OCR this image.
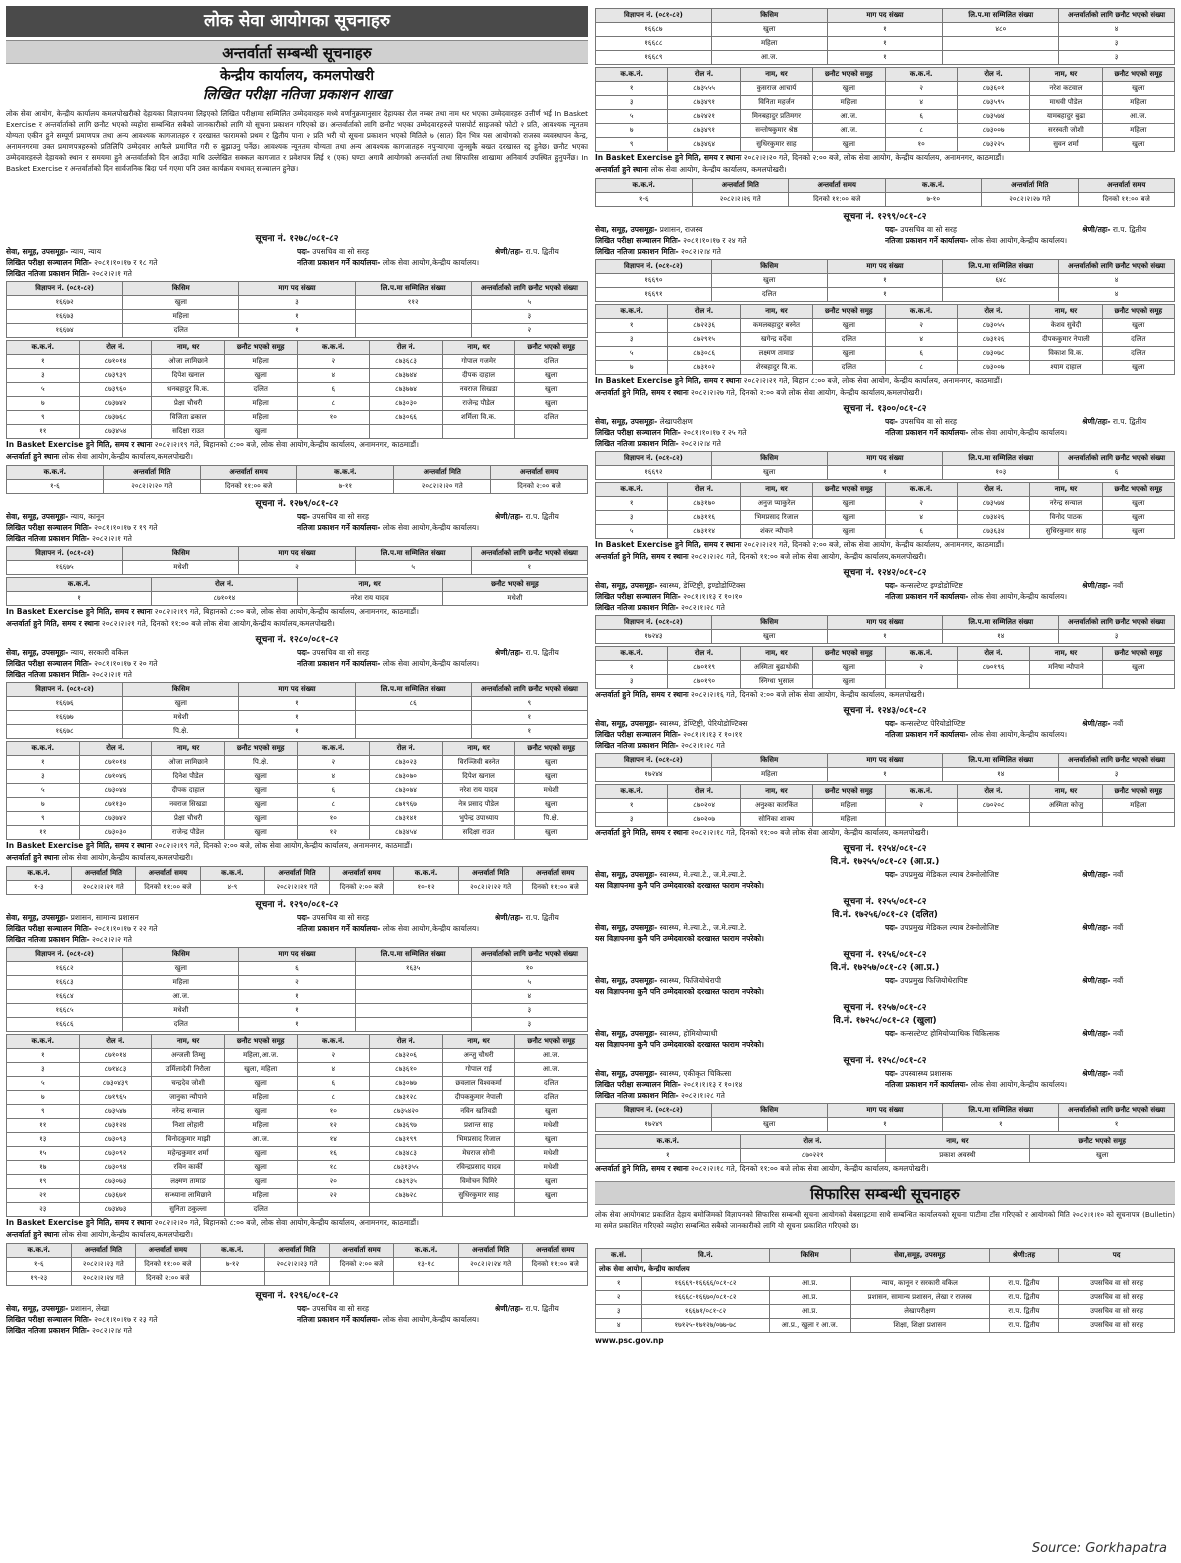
लोक सेवा आयोगका सूचनाहरु
अन्तर्वार्ता सम्बन्धी सूचनाहरु
केन्द्रीय कार्यालय, कमलपोखरी
लिखित परीक्षा नतिजा प्रकाशन शाखा
लोक सेवा आयोग, केन्द्रीय कार्यालय कमलपोखरीको देहायका विज्ञापनमा लिइएको लिखित परीक्षामा सम्मिलित उम्मेदवारहरु मध्ये वर्णानुक्रमानुसार देहायका रोल नम्बर तथा नाम थर भएका उम्मेदवारहरु उत्तीर्ण भई In Basket Exercise र अन्तर्वार्ताको लागि छनौट भएको व्यहोरा सम्बन्धित सबैको जानकारीको लागि यो सूचना प्रकाशन गरिएको छ। अन्तर्वार्ताको लागि छनौट भएका उम्मेदवारहरुले पासपोर्ट साइजको फोटो २ प्रति, आवश्यक न्यूनतम योग्यता एकीन हुने सम्पूर्ण प्रमाणपत्र तथा अन्य आवश्यक कागजातहरु र दरखास्त फारामको प्रथम र द्वितीय पाना २ प्रति भरी यो सूचना प्रकाशन भएको मितिले ७ (सात) दिन भित्र यस आयोगको राजस्व व्यवस्थापन केन्द्र, अनामनगरमा उक्त प्रमाणपत्रहरुको प्रतिलिपि उम्मेदवार आफैले प्रमाणित गरी रु बुझाउनु पर्नेछ। आवश्यक न्यूनतम योग्यता तथा अन्य आवश्यक कागजातहरु नपुऱ्याएमा जुनसुकै बखत दरखास्त रद्द हुनेछ। छनौट भएका उम्मेदवारहरुले देहायको स्थान र समयमा हुने अन्तर्वार्ताको दिन आउँदा माथि उल्लेखित सक्कल कागजात र प्रवेशपत्र लिई १ (एक) घण्टा अगावै आयोगको अन्तर्वार्ता तथा सिफारिस शाखामा अनिवार्य उपस्थित हुनुपर्नेछ। In Basket Exercise र अन्तर्वार्ताको दिन सार्वजनिक बिदा पर्न गएमा पनि उक्त कार्यक्रम यथावत् सञ्चालन हुनेछ।
सूचना नं. १२७८/०८१-८२
सेवा, समूह, उपसमूहः- न्याय, न्याय	पदः- उपसचिव वा सो सरह	श्रेणी/तहः- रा.प. द्वितीय
लिखित परीक्षा सञ्चालन मितिः- २०८१।१०।१७ र १८ गते	नतिजा प्रकाशन गर्ने कार्यालयः- लोक सेवा आयोग,केन्द्रीय कार्यालय।
लिखित नतिजा प्रकाशन मितिः- २०८२।२।१ गते
विज्ञापन नं. (०८१-८२)	किसिम	माग पद संख्या	लि.प.मा सम्मिलित संख्या	अन्तर्वार्ताको लागि छनौट भएको संख्या
१६६७२	खुला	३	११२	५
१६६७३	महिला	१		३
१६६७४	दलित	१		२
क.क.नं.	रोल नं.	नाम, थर	छनौट भएको समूह	क.क.नं.	रोल नं.	नाम, थर	छनौट भएको समूह
१	८७१०१४	ओजा लामिछाने	महिला	२	८७३६८३	गोपाल गजमेर	दलित
३	८७३९३९	दिपेश खनाल	खुला	४	८७३७४४	दीपक दाहाल	खुला
५	८७३९६०	धनबहादुर वि.क.	दलित	६	८७३७७४	नवराज सिखडा	खुला
७	८७३७४२	प्रेक्षा चौधरी	महिला	८	८७३०३०	राजेन्द्र पौडेल	खुला
९	८७३७६८	विजिता ढकाल	महिला	१०	८७३०६६	शर्मिला वि.क.	दलित
११	८७३४५४	सदिक्षा राउत	खुला				
In Basket Exercise हुने मिति, समय र स्थानः २०८२।२।१९ गते, बिहानको ८:०० बजे, लोक सेवा आयोग,केन्द्रीय कार्यालय, अनामनगर, काठमाडौं।
अन्तर्वार्ता हुने स्थानः लोक सेवा आयोग,केन्द्रीय कार्यालय,कमलपोखरी।
क.क.नं.	अन्तर्वार्ता मिति	अन्तर्वार्ता समय	क.क.नं.	अन्तर्वार्ता मिति	अन्तर्वार्ता समय
१-६	२०८२।२।२० गते	दिनको ११:०० बजे	७-११	२०८२।२।२० गते	दिनको २:०० बजे
सूचना नं. १२७९/०८१-८२
सेवा, समूह, उपसमूहः- न्याय, कानून	पदः- उपसचिव वा सो सरह	श्रेणी/तहः- रा.प. द्वितीय
लिखित परीक्षा सञ्चालन मितिः- २०८१।१०।१७ र १९ गते	नतिजा प्रकाशन गर्ने कार्यालयः- लोक सेवा आयोग,केन्द्रीय कार्यालय।
लिखित नतिजा प्रकाशन मितिः- २०८२।२।१ गते
विज्ञापन नं. (०८१-८२)	किसिम	माग पद संख्या	लि.प.मा सम्मिलित संख्या	अन्तर्वार्ताको लागि छनौट भएको संख्या
१६६७५	मधेशी	२	५	१
क.क.नं.	रोल नं.	नाम, थर	छनौट भएको समूह
१	८७१०१४	नरेश राय यादव	मधेशी
In Basket Exercise हुने मिति, समय र स्थानः २०८२।२।१९ गते, बिहानको ८:०० बजे, लोक सेवा आयोग,केन्द्रीय कार्यालय, अनामनगर, काठमाडौं।
अन्तर्वार्ता हुने मिति, समय र स्थानः २०८२।२।२१ गते, दिनको ११:०० बजे लोक सेवा आयोग,केन्द्रीय कार्यालय,कमलपोखरी।
सूचना नं. १२८०/०८१-८२
सेवा, समूह, उपसमूहः- न्याय, सरकारी वकिल	पदः- उपसचिव वा सो सरह	श्रेणी/तहः- रा.प. द्वितीय
लिखित परीक्षा सञ्चालन मितिः- २०८१।१०।१७ र २० गते	नतिजा प्रकाशन गर्ने कार्यालयः- लोक सेवा आयोग,केन्द्रीय कार्यालय।
लिखित नतिजा प्रकाशन मितिः- २०८२।२।१ गते
विज्ञापन नं. (०८१-८२)	किसिम	माग पद संख्या	लि.प.मा सम्मिलित संख्या	अन्तर्वार्ताको लागि छनौट भएको संख्या
१६६७६	खुला	१	८६	९
१६६७७	मधेशी	१		१
१६६७८	पि.क्षे.	१		१
क.क.नं.	रोल नं.	नाम, थर	छनौट भएको समूह	क.क.नं.	रोल नं.	नाम, थर	छनौट भएको समूह
१	८७१०१४	ओजा लामिछाने	पि.क्षे.	२	८७३०२३	विरञ्जिवी बस्नेत	खुला
३	८७१०४६	दिनेश पौडेल	खुला	४	८७३०७०	दिपेश खनाल	खुला
५	८७३०४४	दीपक दाहाल	खुला	६	८७३०७४	नरेश राय यादव	मधेशी
७	८७११३०	नवराज सिखडा	खुला	८	८७१९६७	नेत्र प्रसाद पौडेल	खुला
९	८७३७४२	प्रेक्षा चौधरी	खुला	१०	८७३१४१	भुपेन्द्र उपाध्याय	पि.क्षे.
११	८७३०३०	राजेन्द्र पौडेल	खुला	१२	८७३४५४	सदिक्षा राउत	खुला
In Basket Exercise हुने मिति, समय र स्थानः २०८२।२।१९ गते, दिनको २:०० बजे, लोक सेवा आयोग,केन्द्रीय कार्यालय, अनामनगर, काठमाडौं।
अन्तर्वार्ता हुने स्थानः लोक सेवा आयोग,केन्द्रीय कार्यालय,कमलपोखरी।
क.क.नं.	अन्तर्वार्ता मिति	अन्तर्वार्ता समय	क.क.नं.	अन्तर्वार्ता मिति	अन्तर्वार्ता समय	क.क.नं.	अन्तर्वार्ता मिति	अन्तर्वार्ता समय
१-३	२०८२।२।२१ गते	दिनको ११:०० बजे	४-९	२०८२।२।२१ गते	दिनको २:०० बजे	१०-१२	२०८२।२।२२ गते	दिनको ११:०० बजे
सूचना नं. १२९०/०८१-८२
सेवा, समूह, उपसमूहः- प्रशासन, सामान्य प्रशासन	पदः- उपसचिव वा सो सरह	श्रेणी/तहः- रा.प. द्वितीय
लिखित परीक्षा सञ्चालन मितिः- २०८१।१०।१७ र २२ गते	नतिजा प्रकाशन गर्ने कार्यालयः- लोक सेवा आयोग,केन्द्रीय कार्यालय।
लिखित नतिजा प्रकाशन मितिः- २०८२।२।२ गते
विज्ञापन नं. (०८१-८२)	किसिम	माग पद संख्या	लि.प.मा सम्मिलित संख्या	अन्तर्वार्ताको लागि छनौट भएको संख्या
१६६८२	खुला	६	१६३५	१०
१६६८३	महिला	२		५
१६६८४	आ.ज.	१		४
१६६८५	मधेशी	१		३
१६६८६	दलित	१		३
क.क.नं.	रोल नं.	नाम, थर	छनौट भएको समूह	क.क.नं.	रोल नं.	नाम, थर	छनौट भएको समूह
१	८७१०१४	अन्जली तिम्सु	महिला,आ.ज.	२	८७३२०६	अन्जु चौधरी	आ.ज.
३	८७१४८३	उर्मिलादेवी निरौला	खुला, महिला	४	८७३६१०	गोपाल राई	आ.ज.
५	८७३०४३९	चन्द्रदेव जोशी	खुला	६	८७३०७७	छवलाल विश्वकर्मा	दलित
७	८७१९६५	जानुका न्यौपाने	महिला	८	८७३१२८	दीपककुमार नेपाली	दलित
९	८७३५४७	नरेन्द्र सन्याल	खुला	१०	८७३५४२०	नविन खतिवडी	खुला
११	८७३१२४	निशा लोहारी	महिला	१२	८७३६९७	प्रशान्त साह	मधेशी
१३	८७३०९३	विनोदकुमार माझी	आ.ज.	१४	८७३१९९	भिमप्रसाद रिजाल	खुला
१५	८७३०९२	महेन्द्रकुमार शर्मा	खुला	१६	८७३४८३	मेघराज सोनी	मधेशी
१७	८७३०९४	रविन कार्की	खुला	१८	८७३१३५५	रविन्द्रप्रसाद यादव	मधेशी
१९	८७३०७३	लक्ष्मण तामाङ	खुला	२०	८७३९३५	विमोचन घिमिरे	खुला
२१	८७३६७१	सन्ध्याना लामिछाने	महिला	२२	८७३७२८	सुधिरकुमार साह	खुला
२३	८७३४७३	सुनिता ठकुल्ला	दलित				
In Basket Exercise हुने मिति, समय र स्थानः २०८२।२।२० गते, बिहानको ८:०० बजे, लोक सेवा आयोग,केन्द्रीय कार्यालय, अनामनगर, काठमाडौं।
अन्तर्वार्ता हुने स्थानः लोक सेवा आयोग,केन्द्रीय कार्यालय,कमलपोखरी।
क.क.नं.	अन्तर्वार्ता मिति	अन्तर्वार्ता समय	क.क.नं.	अन्तर्वार्ता मिति	अन्तर्वार्ता समय	क.क.नं.	अन्तर्वार्ता मिति	अन्तर्वार्ता समय
१-६	२०८२।२।२३ गते	दिनको ११:०० बजे	७-१२	२०८२।२।२३ गते	दिनको २:०० बजे	१३-१८	२०८२।२।२४ गते	दिनको ११:०० बजे
१९-२३	२०८२।२।२४ गते	दिनको २:०० बजे						
सूचना नं. १२९६/०८१-८२
सेवा, समूह, उपसमूहः- प्रशासन, लेखा	पदः- उपसचिव वा सो सरह	श्रेणी/तहः- रा.प. द्वितीय
लिखित परीक्षा सञ्चालन मितिः- २०८१।१०।१७ र २३ गते	नतिजा प्रकाशन गर्ने कार्यालयः- लोक सेवा आयोग,केन्द्रीय कार्यालय।
लिखित नतिजा प्रकाशन मितिः- २०८२।२।४ गते
विज्ञापन नं. (०८१-८२)	किसिम	माग पद संख्या	लि.प.मा सम्मिलित संख्या	अन्तर्वार्ताको लागि छनौट भएको संख्या
१६६८७	खुला	१	४८०	४
१६६८८	महिला	१		३
१६६८९	आ.ज.	१		३
क.क.नं.	रोल नं.	नाम, थर	छनौट भएको समूह	क.क.नं.	रोल नं.	नाम, थर	छनौट भएको समूह
१	८७३५५५	कुसराज आचार्य	खुला	२	८७३६०१	नरेश कटवाल	खुला
३	८७३४९१	विनिता महर्जन	महिला	४	८७३५९५	माधवी पौडेल	महिला
५	८७२४२१	मिनबहादुर प्रतिमगर	आ.ज.	६	८७३५७४	यामबहादुर बुढा	आ.ज.
७	८७३४९१	सन्तोषकुमार श्रेष्ठ	आ.ज.	८	८७३००७	सरस्वती जोशी	महिला
९	८७३४६४	सुधिरकुमार साह	खुला	१०	८७३२२५	सुवन शर्मा	खुला
In Basket Exercise हुने मिति, समय र स्थानः २०८२।२।२० गते, दिनको २:०० बजे, लोक सेवा आयोग, केन्द्रीय कार्यालय, अनामनगर, काठमाडौं।
अन्तर्वार्ता हुने स्थानः लोक सेवा आयोग, केन्द्रीय कार्यालय, कमलपोखरी।
क.क.नं.	अन्तर्वार्ता मिति	अन्तर्वार्ता समय	क.क.नं.	अन्तर्वार्ता मिति	अन्तर्वार्ता समय
१-६	२०८२।२।२६ गते	दिनको ११:०० बजे	७-१०	२०८२।२।२७ गते	दिनको ११:०० बजे
सूचना नं. १२९९/०८१-८२
सेवा, समूह, उपसमूहः- प्रशासन, राजस्व	पदः- उपसचिव वा सो सरह	श्रेणी/तहः- रा.प. द्वितीय
लिखित परीक्षा सञ्चालन मितिः- २०८१।१०।१७ र २४ गते	नतिजा प्रकाशन गर्ने कार्यालयः- लोक सेवा आयोग,केन्द्रीय कार्यालय।
लिखित नतिजा प्रकाशन मितिः- २०८२।२।४ गते
विज्ञापन नं. (०८१-८२)	किसिम	माग पद संख्या	लि.प.मा सम्मिलित संख्या	अन्तर्वार्ताको लागि छनौट भएको संख्या
१६६९०	खुला	१	६४८	४
१६६९१	दलित	१		४
क.क.नं.	रोल नं.	नाम, थर	छनौट भएको समूह	क.क.नं.	रोल नं.	नाम, थर	छनौट भएको समूह
१	८७२२३६	कमलबहादुर बस्नेत	खुला	२	८७३०५५	केशव सुवेदी	खुला
३	८७२९१५	खगेन्द्र वर्देवा	दलित	४	८७३१२६	दीपककुमार नेपाली	दलित
५	८७३०८६	लक्ष्मण तामाङ	खुला	६	८७३०७८	विकाश वि.क.	दलित
७	८७३१०२	शेरबहादुर वि.क.	दलित	८	८७३००७	श्याम दाहाल	खुला
In Basket Exercise हुने मिति, समय र स्थानः २०८२।२।२१ गते, बिहान ८:०० बजे, लोक सेवा आयोग, केन्द्रीय कार्यालय, अनामनगर, काठमाडौं।
अन्तर्वार्ता हुने मिति, समय र स्थानः २०८२।२।२७ गते, दिनको २:०० बजे लोक सेवा आयोग, केन्द्रीय कार्यालय,कमलपोखरी।
सूचना नं. १३००/०८१-८२
सेवा, समूह, उपसमूहः- लेखापरीक्षण	पदः- उपसचिव वा सो सरह	श्रेणी/तहः- रा.प. द्वितीय
लिखित परीक्षा सञ्चालन मितिः- २०८१।१०।१७ र २५ गते	नतिजा प्रकाशन गर्ने कार्यालयः- लोक सेवा आयोग,केन्द्रीय कार्यालय।
लिखित नतिजा प्रकाशन मितिः- २०८२।२।४ गते
विज्ञापन नं. (०८१-८२)	किसिम	माग पद संख्या	लि.प.मा सम्मिलित संख्या	अन्तर्वार्ताको लागि छनौट भएको संख्या
१६६९२	खुला	१	१०३	६
क.क.नं.	रोल नं.	नाम, थर	छनौट भएको समूह	क.क.नं.	रोल नं.	नाम, थर	छनौट भएको समूह
१	८७३१७०	अनुज प्याकुरेल	खुला	२	८७३५७४	नरेन्द्र सन्याल	खुला
३	८७३११६	भिमप्रसाद रिजाल	खुला	४	८७३४२६	विनोद पाठक	खुला
५	८७३११४	शंकर न्यौपाने	खुला	६	८७३६३४	सुधिरकुमार साह	खुला
In Basket Exercise हुने मिति, समय र स्थानः २०८२।२।२१ गते, दिनको २:०० बजे, लोक सेवा आयोग, केन्द्रीय कार्यालय, अनामनगर, काठमाडौं।
अन्तर्वार्ता हुने मिति, समय र स्थानः २०८२।२।२८ गते, दिनको ११:०० बजे लोक सेवा आयोग, केन्द्रीय कार्यालय,कमलपोखरी।
सूचना नं. १२४२/०८१-८२
सेवा, समूह, उपसमूहः- स्वास्थ्य, डेण्टिष्ट्री, इण्डोडोण्टिक्स	पदः- कन्सल्टेण्ट इण्डोडोण्टिष्ट	श्रेणी/तहः- नवौं
लिखित परीक्षा सञ्चालन मितिः- २०८१।१।१३ र १०।१०	नतिजा प्रकाशन गर्ने कार्यालयः- लोक सेवा आयोग,केन्द्रीय कार्यालय।
लिखित नतिजा प्रकाशन मितिः- २०८२।१।२८ गते
विज्ञापन नं. (०८१-८२)	किसिम	माग पद संख्या	लि.प.मा सम्मिलित संख्या	अन्तर्वार्ताको लागि छनौट भएको संख्या
१७२४३	खुला	१	१४	३
क.क.नं.	रोल नं.	नाम, थर	छनौट भएको समूह	क.क.नं.	रोल नं.	नाम, थर	छनौट भएको समूह
१	८७०११९	अस्मिता बुढाथोकी	खुला	२	८७०१९६	मनिषा न्यौपाने	खुला
३	८७०१९०	स्निग्धा भुसाल	खुला				
अन्तर्वार्ता हुने मिति, समय र स्थानः २०८२।२।१६ गते, दिनको २:०० बजे लोक सेवा आयोग, केन्द्रीय कार्यालय, कमलपोखरी।
सूचना नं. १२४३/०८१-८२
सेवा, समूह, उपसमूहः- स्वास्थ्य, डेण्टिष्ट्री, पेरियोडोण्टिक्स	पदः- कन्सल्टेण्ट पेरियोडोण्टिष्ट	श्रेणी/तहः- नवौं
लिखित परीक्षा सञ्चालन मितिः- २०८१।१।१३ र १०।११	नतिजा प्रकाशन गर्ने कार्यालयः- लोक सेवा आयोग,केन्द्रीय कार्यालय।
लिखित नतिजा प्रकाशन मितिः- २०८२।१।२८ गते
विज्ञापन नं. (०८१-८२)	किसिम	माग पद संख्या	लि.प.मा सम्मिलित संख्या	अन्तर्वार्ताको लागि छनौट भएको संख्या
१७२४४	महिला	१	१४	३
क.क.नं.	रोल नं.	नाम, थर	छनौट भएको समूह	क.क.नं.	रोल नं.	नाम, थर	छनौट भएको समूह
१	८७०२०४	अनुश्का कारकिंत	महिला	२	८७०२०८	अस्मिता कोजु	महिला
३	८७०२०७	सोनिका शाक्य	महिला				
अन्तर्वार्ता हुने मिति, समय र स्थानः २०८२।२।१८ गते, दिनको ११:०० बजे लोक सेवा आयोग, केन्द्रीय कार्यालय, कमलपोखरी।
सूचना नं. १२५४/०८१-८२
वि.नं. १७२५५/०८१-८२ (आ.प्र.)
सेवा, समूह, उपसमूहः- स्वास्थ्य, मे.ल्या.टे., ज.मे.ल्या.टे.	पदः- उपप्रमुख मेडिकल ल्याब टेक्नोलोजिष्ट	श्रेणी/तहः- नवौं
यस विज्ञापनमा कुनै पनि उम्मेदवारको दरखास्त फाराम नपरेको।
सूचना नं. १२५५/०८१-८२
वि.नं. १७२५६/०८१-८२ (दलित)
सेवा, समूह, उपसमूहः- स्वास्थ्य, मे.ल्या.टे., ज.मे.ल्या.टे.	पदः- उपप्रमुख मेडिकल ल्याब टेक्नोलोजिष्ट	श्रेणी/तहः- नवौं
यस विज्ञापनमा कुनै पनि उम्मेदवारको दरखास्त फाराम नपरेको।
सूचना नं. १२५६/०८१-८२
वि.नं. १७२५७/०८१-८२ (आ.प्र.)
सेवा, समूह, उपसमूहः- स्वास्थ्य, फिजियोथेरापी	पदः- उपप्रमुख फिजियोथेरापिष्ट	श्रेणी/तहः- नवौं
यस विज्ञापनमा कुनै पनि उम्मेदवारको दरखास्त फाराम नपरेको।
सूचना नं. १२५७/०८१-८२
वि.नं. १७२५८/०८१-८२ (खुला)
सेवा, समूह, उपसमूहः- स्वास्थ्य, होमियोप्याथी	पदः- कन्सल्टेण्ट होमियोप्याथिक चिकित्सक	श्रेणी/तहः- नवौं
यस विज्ञापनमा कुनै पनि उम्मेदवारको दरखास्त फाराम नपरेको।
सूचना नं. १२५८/०८१-८२
सेवा, समूह, उपसमूहः- स्वास्थ्य, एकीकृत चिकित्सा	पदः- उपस्वास्थ्य प्रशासक	श्रेणी/तहः- नवौं
लिखित परीक्षा सञ्चालन मितिः- २०८१।१।१३ र १०।१४	नतिजा प्रकाशन गर्ने कार्यालयः- लोक सेवा आयोग,केन्द्रीय कार्यालय।
लिखित नतिजा प्रकाशन मितिः- २०८२।१।२८ गते
विज्ञापन नं. (०८१-८२)	किसिम	माग पद संख्या	लि.प.मा सम्मिलित संख्या	अन्तर्वार्ताको लागि छनौट भएको संख्या
१७२४९	खुला	१	१	१
क.क.नं.	रोल नं.	नाम, थर	छनौट भएको समूह
१	८७०२२१	प्रकाश अवस्थी	खुला
अन्तर्वार्ता हुने मिति, समय र स्थानः २०८२।२।१८ गते, दिनको ११:०० बजे लोक सेवा आयोग, केन्द्रीय कार्यालय, कमलपोखरी।
सिफारिस सम्बन्धी सूचनाहरु
लोक सेवा आयोगबाट प्रकाशित देहाय बमोजिमको विज्ञापनको सिफारिस सम्बन्धी सूचना आयोगको वेबसाइटमा साथै सम्बन्धित कार्यालयको सूचना पाटीमा टाँस गरिएको र आयोगको मिति २०८२।१।१० को सूचनापत्र (Bulletin) मा समेत प्रकाशित गरिएको व्यहोरा सम्बन्धित सबैको जानकारीको लागि यो सूचना प्रकाशित गरिएको छ।
क.सं.	वि.नं.	किसिम	सेवा,समूह, उपसमूह	श्रेणी:तह	पद
लोक सेवा आयोग, केन्द्रीय कार्यालय					
१	१६६६९-१६६६६/०८१-८२	आ.प्र.	न्याय, कानून र सरकारी वकिल	रा.प. द्वितीय	उपसचिव वा सो सरह
२	१६६६८-१६६७०/०८१-८२	आ.प्र.	प्रशासन, सामान्य प्रशासन, लेखा र राजस्व	रा.प. द्वितीय	उपसचिव वा सो सरह
३	१६६७१/०८१-८२	आ.प्र.	लेखापरीक्षण	रा.प. द्वितीय	उपसचिव वा सो सरह
४	१७१२५-१७१२७/०७७-७८	आ.प्र., खुला र आ.ज.	शिक्षा, शिक्षा प्रशासन	रा.प. द्वितीय	उपसचिव वा सो सरह
www.psc.gov.np
Source: Gorkhapatra
